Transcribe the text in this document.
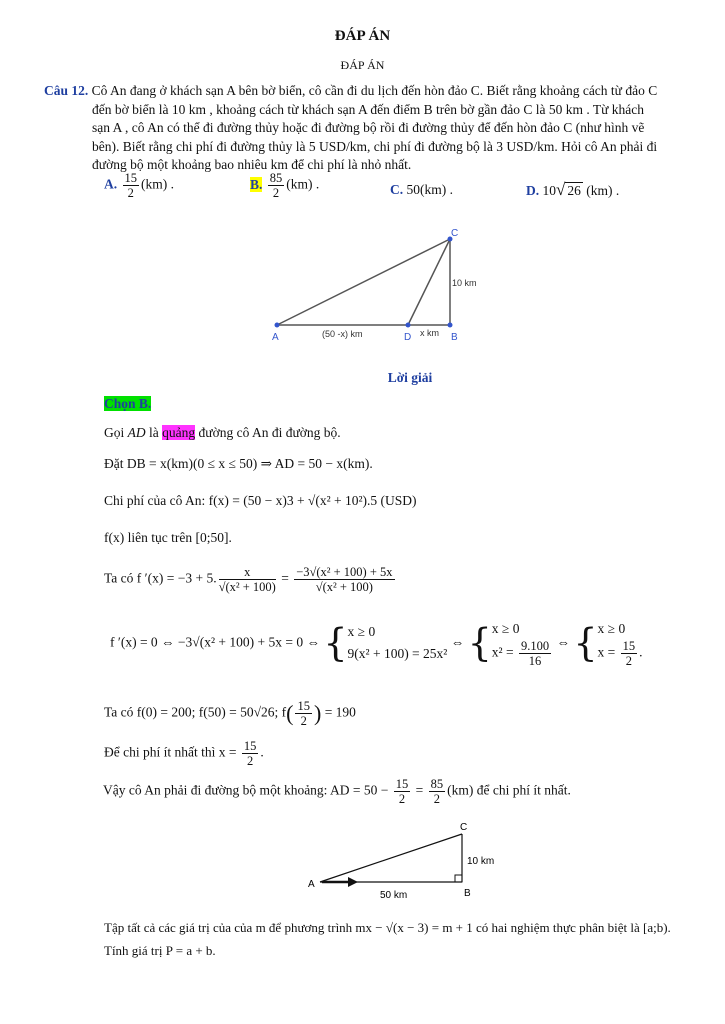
ĐÁP ÁN
ĐÁP ÁN
Câu 12. Cô An đang ở khách sạn A bên bờ biển, cô cần đi du lịch đến hòn đảo C. Biết rằng khoảng cách từ đảo C
đến bờ biển là 10 km , khoảng cách từ khách sạn A đến điểm B trên bờ gần đảo C là 50 km . Từ khách
sạn A , cô An có thể đi đường thủy hoặc đi đường bộ rồi đi đường thủy để đến hòn đảo C (như hình vẽ
bên). Biết rằng chi phí đi đường thủy là 5 USD/km, chi phí đi đường bộ là 3 USD/km. Hỏi cô An phải đi
đường bộ một khoảng bao nhiêu km để chi phí là nhỏ nhất.
A. $\frac{15}{2} (km)$ .	B. $\frac{85}{2} (km)$ .	C. 50(km) .	D. 10√ 26 (km) .
A	D	B
C
(50 -x) km	x km
10 km
Lời giải
Chọn B.
Gọi AD là quảng đường cô An đi đường bộ.
Đặt DB = x(km)(0 ≤ x ≤ 50) ⇒ AD = 50 − x(km).
Chi phí của cô An: f(x) = (50 − x)3 + √(x² + 10²).5 (USD)
f(x) liên tục trên [0;50].
Ta có f ′(x) = −3 + 5. $\frac{x}{\text{√(x² + 100)}} = \frac{\text{−3√(x² + 100) + 5x}}{\text{√(x² + 100)}}$
f ′(x) = 0 ⇔ −3√(x² + 100) + 5x = 0 ⇔ {x ≥ 0
9(x² + 100) = 25x² ⇔ {x ≥ 0
$x^2 = \frac{9.100}{16}$ ⇔ {x ≥ 0
$x = \frac{15}{2}$ .
Ta có f(0) = 200; f(50) = 50√26; $f( \frac{15}{2}$ ) = 190
Để chi phí ít nhất thì $x = \frac{15}{2}$ .
Vậy cô An phải đi đường bộ một khoảng: AD = $50 - \frac{15}{2} = \frac{85}{2} (km)$ để chi phí ít nhất.
A
B
C
50 km
10 km
Tập tất cả các giá trị của của m để phương trình mx − √(x − 3) = m + 1 có hai nghiệm thực phân biệt là [a;b).
Tính giá trị P = a + b.
